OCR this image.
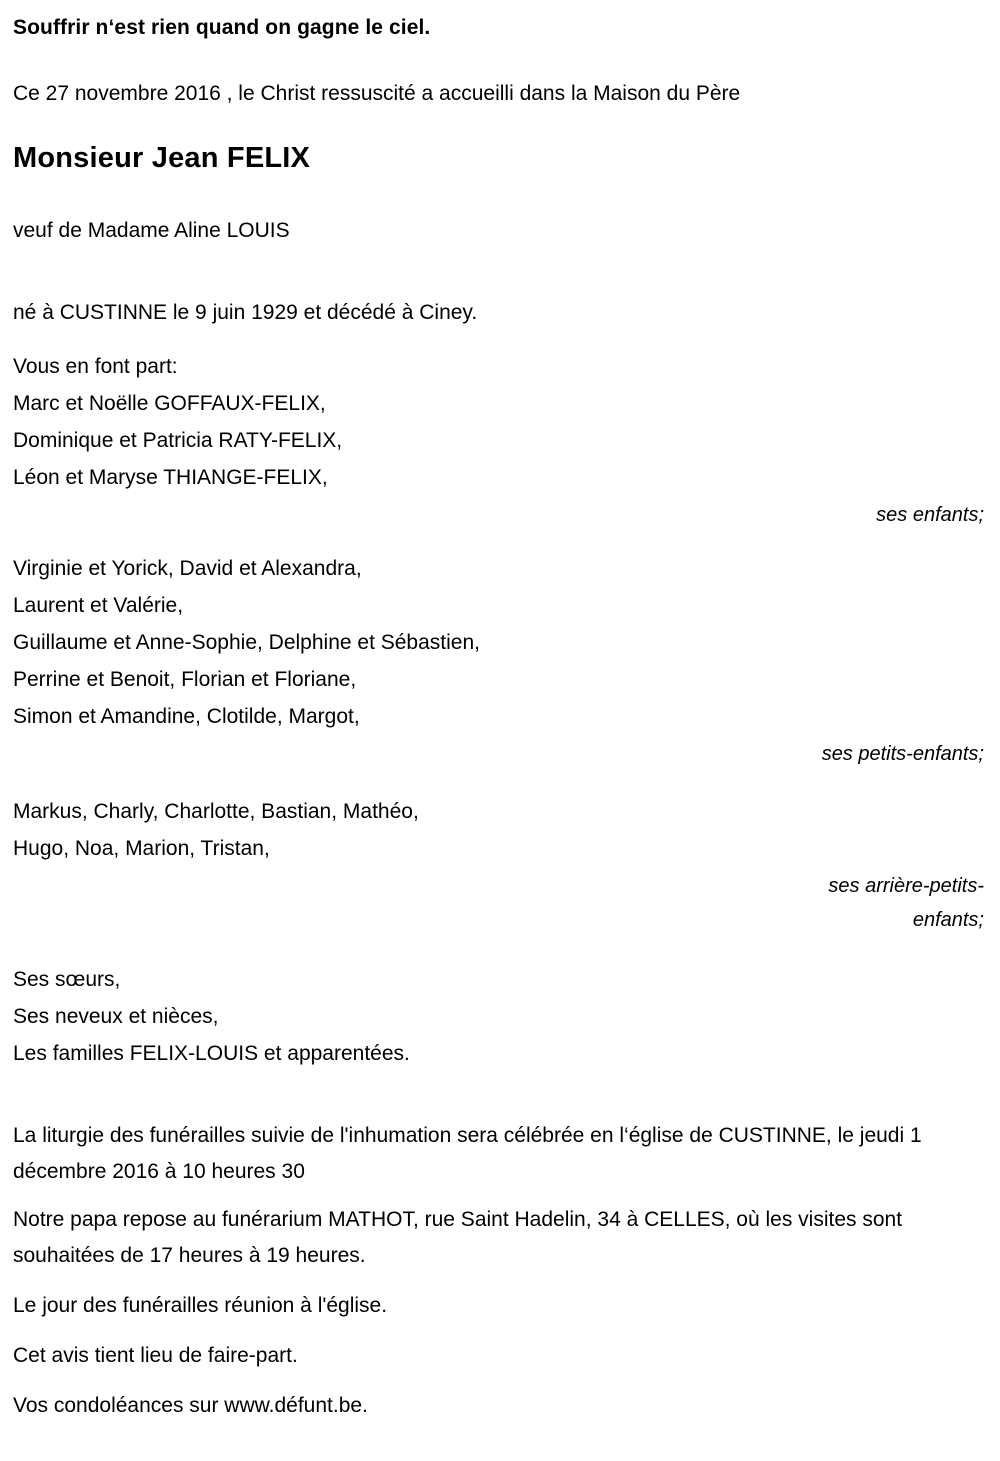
Souffrir n‘est rien quand on gagne le ciel.

Ce 27 novembre 2016 , le Christ ressuscité a accueilli dans la Maison du Père

Monsieur Jean FELIX

veuf de Madame Aline LOUIS

né à CUSTINNE le 9 juin 1929 et décédé à Ciney.

Vous en font part:

Marc et Noëlle GOFFAUX-FELIX,

Dominique et Patricia RATY-FELIX,

Léon et Maryse THIANGE-FELIX,

ses enfants;

Virginie et Yorick, David et Alexandra,

Laurent et Valérie,

Guillaume et Anne-Sophie, Delphine et Sébastien,

Perrine et Benoit, Florian et Floriane,

Simon et Amandine, Clotilde, Margot,

ses petits-enfants;

Markus, Charly, Charlotte, Bastian, Mathéo,

Hugo, Noa, Marion, Tristan,

ses arrière-petits-

enfants;

Ses sœurs,

Ses neveux et nièces,

Les familles FELIX-LOUIS et apparentées.

La liturgie des funérailles suivie de l'inhumation sera célébrée en l‘église de CUSTINNE, le jeudi 1 décembre 2016 à 10 heures 30

Notre papa repose au funérarium MATHOT, rue Saint Hadelin, 34 à CELLES, où les visites sont souhaitées de 17 heures à 19 heures.

Le jour des funérailles réunion à l'église.

Cet avis tient lieu de faire-part.

Vos condoléances sur www.défunt.be.
